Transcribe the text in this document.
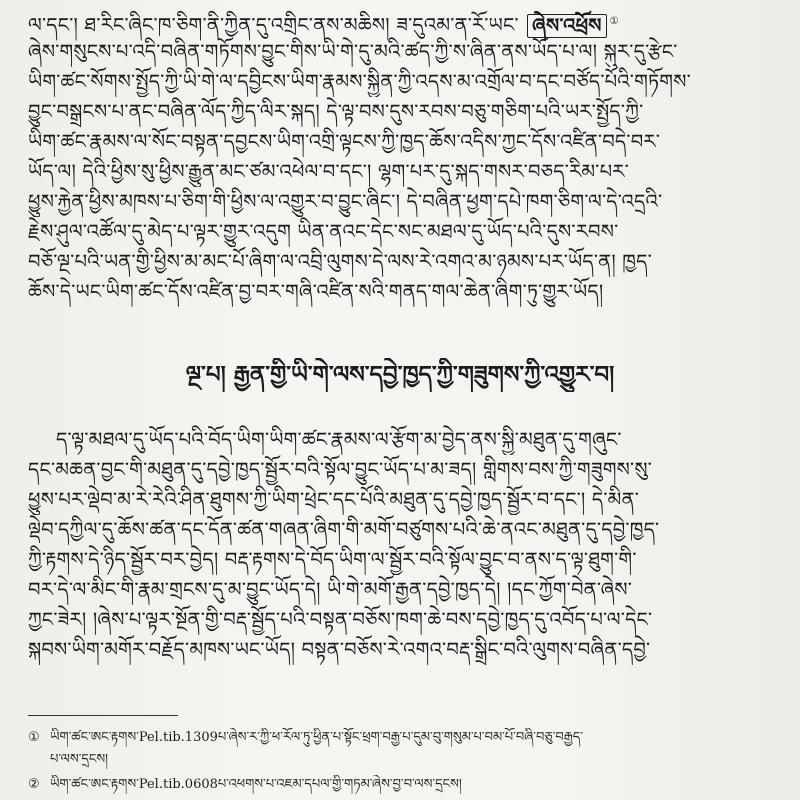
ལ་དང་། ཐ་རིང་ཞིང་ཁ་ཅིག་ནི་ཀྱིན་དུ་འགྲིང་ནས་མཆིས། ཟ་དུའམ་ན་རོ་ཡང་ ཞེས་འཕྲོས ①
ཞེས་གསུངས་པ་འདི་བཞིན་གཏོགས་བྱུང་གིས་ཡི་གེ་དུ་མའི་ཚད་ཀྱི་ས་ཞིན་ནས་ཡོད་པ་ལ། སྐུར་དུ་རྩེང་
ཡིག་ཚང་སོགས་སྤྱོད་ཀྱི་ཡི་གེ་ལ་དབྱིངས་ཡིག་རྣམས་སྐྱིན་ཀྱི་འདས་མ་འགྲོལ་བ་དང་བཙོད་པོའི་གཏོགས་
བྱུང་བསྒྲངས་པ་ནང་བཞིན་ལོད་ཀྱིད་ལིར་སྐད། དེ་ལྟ་བས་དུས་རབས་བཅུ་གཅིག་པའི་ཡར་སྤྱོད་ཀྱི་
ཡིག་ཚང་རྣམས་ལ་སོང་བསྟན་དབྱངས་ཡིག་འགྲི་ལྟངས་ཀྱི་ཁྱད་ཆོས་འདིས་ཀྱང་དོས་འཛིན་བདེ་བར་
ཡོད་ལ། དེའི་ཕྱིས་སུ་ཕྱིས་རྒྱུན་མང་ཙམ་འཕེལ་བ་དང་། ལྷག་པར་དུ་སྐད་གསར་བཅད་རིམ་པར་
ཕྱུས་རྐྱེན་ཕྱིས་མཁས་པ་ཅིག་གི་ཕྱིས་ལ་འགྱུར་བ་བྱུང་ཞིང་། དེ་བཞིན་ཕྱག་དཔེ་ཁག་ཅིག་ལ་དེ་འདྲའི་
རྗེས་ཤུལ་འཚོལ་དུ་མེད་པ་ལྟར་གྱུར་འདུག ཡིན་ནའང་དེང་སང་མཐལ་དུ་ཡོད་པའི་དུས་རབས་
བཅོ་ལྔ་པའི་ཡན་གྱི་ཕྱིས་མ་མང་པོ་ཞིག་ལ་འབྲི་ལུགས་དེ་ལས་རེ་འགའ་མ་ཉམས་པར་ཡོད་ན། ཁྱད་
ཆོས་དེ་ཡང་ཡིག་ཚང་དོས་འཛིན་བྱ་བར་གཞི་འཛིན་སའི་གནད་གལ་ཆེན་ཞིག་ཏུ་གྱུར་ཡོད།
ལྔ་པ། རྒྱན་གྱི་ཡི་གེ་ལས་དབྱེ་ཁྱད་ཀྱི་གཟུགས་ཀྱི་འགྱུར་བ།
ད་ལྟ་མཐལ་དུ་ཡོད་པའི་བོད་ཡིག་ཡིག་ཚང་རྣམས་ལ་རྩོག་མ་བྱེད་ནས་སྐྱི་མཐུན་དུ་གཞུང་
དང་མཆན་བྱང་གི་མཐུན་དུ་དབྱེ་ཁྱད་སྦྱོར་བའི་སྟོལ་བྱུང་ཡོད་པ་མ་ཟད། གླིགས་བས་ཀྱི་གཟུགས་སུ་
ཕྱུས་པར་ལྡེབ་མ་རེ་རེའི་ཤིན་ཐུགས་ཀྱི་ཡིག་ཕྲེང་དང་པོའི་མཐུན་དུ་དབྱེ་ཁྱད་སྦྱོར་བ་དང་། དེ་མིན་
ལྡེབ་དཀྱིལ་དུ་ཆོས་ཚན་དང་དོན་ཚན་གཞན་ཞིག་གི་མགོ་བཙུགས་པའི་ཆེ་ནའང་མཐུན་དུ་དབྱེ་ཁྱད་
ཀྱི་རྟགས་དེ་ཉིད་སྦྱོར་བར་བྱེད། བརྡ་རྟགས་དེ་བོད་ཡིག་ལ་སྦྱོར་བའི་སྟོལ་བྱུང་བ་ནས་ད་ལྟ་ཐུག་གི་
བར་དེ་ལ་མིང་གི་རྣམ་གྲངས་དུ་མ་བྱུང་ཡོད་དེ། ཡི་གེ་མགོ་རྒྱན་དབྱེ་ཁྱད་དེ། །དང་ཀྱོག་བེན་ཞེས་
ཀྱང་ཟེར། །ཞེས་པ་ལྟར་སྔོན་གྱི་བརྡ་སྦྱོད་པའི་བསྟན་བཅོས་ཁག་ཆེ་བས་དབྱེ་ཁྱད་དུ་འབོད་པ་ལ་དེང་
སྐབས་ཡིག་མགོར་བརྗོད་མཁས་ཡང་ཡོད། བསྟན་བཅོས་རེ་འགའ་བརྡ་སྒྲིང་བའི་ལུགས་བཞིན་དབྱེ་
① ཡིག་ཚང་ཨང་རྟགས་Pel.tib.1309པ་ཞེས་ར་ཀྱི་ཕ་རོལ་ཏུ་ཕྱིན་པ་སྟོང་ཕྲག་བརྒྱ་པ་དུམ་བུ་གསུམ་པ་བམ་པོ་བཞི་བཅུ་བརྒྱད་
པ་ལས་དྲངས།
② ཡིག་ཚང་ཨང་རྟགས་Pel.tib.0608པ་འཕགས་པ་འཇམ་དཔལ་གྱི་གཏམ་ཞེས་བྱ་བ་ལས་དྲངས།
